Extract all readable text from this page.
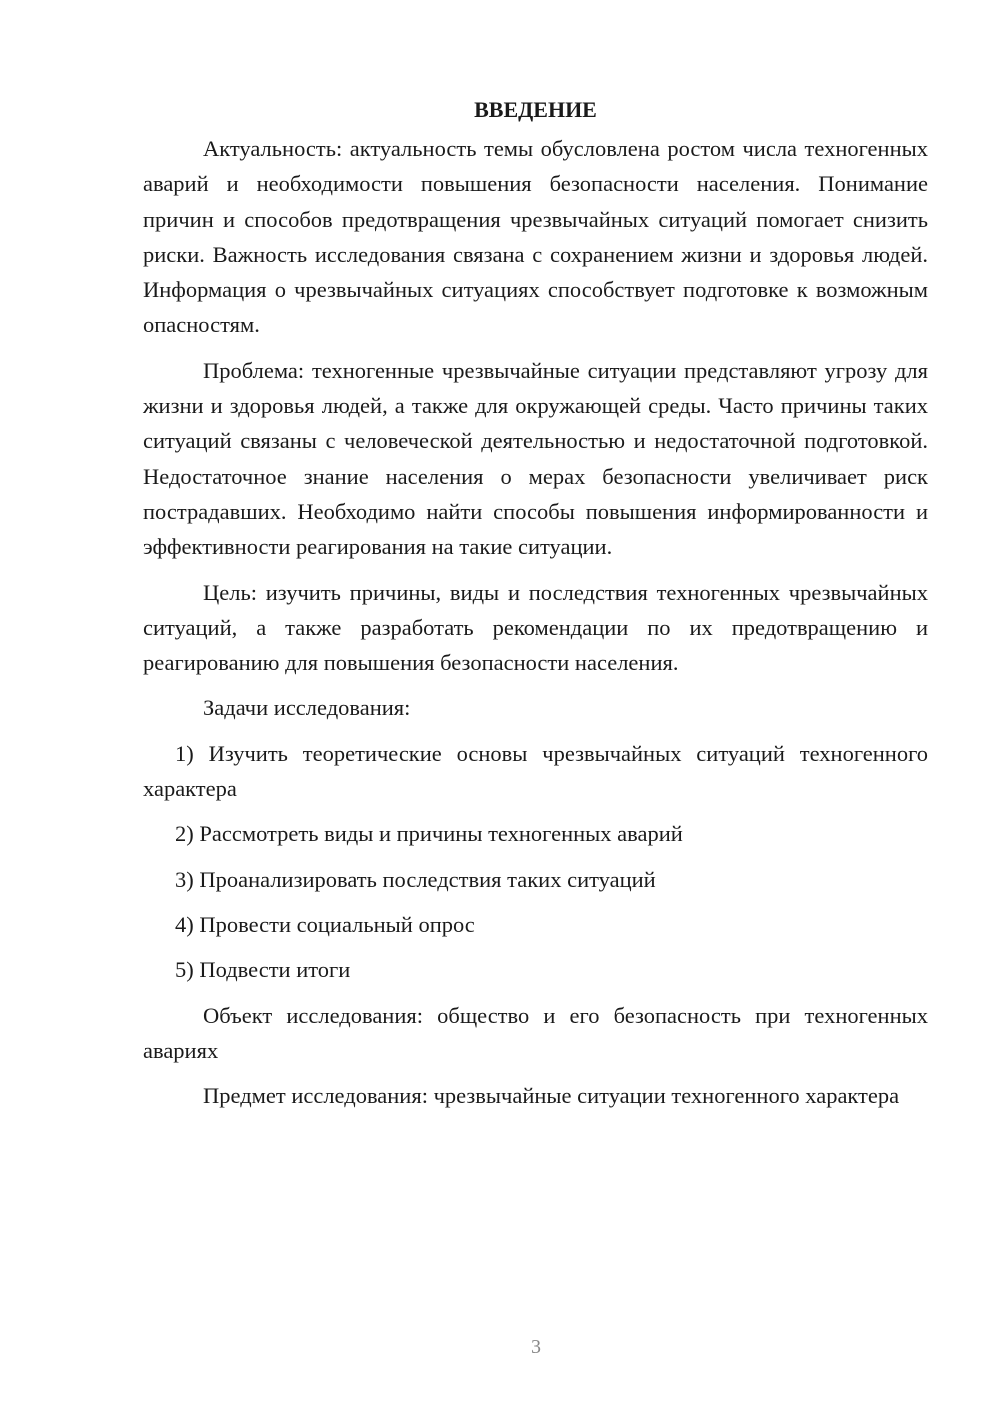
ВВЕДЕНИЕ

Актуальность: актуальность темы обусловлена ростом числа техногенных аварий и необходимости повышения безопасности населения. Понимание причин и способов предотвращения чрезвычайных ситуаций помогает снизить риски. Важность исследования связана с сохранением жизни и здоровья людей. Информация о чрезвычайных ситуациях способствует подготовке к возможным опасностям.

Проблема: техногенные чрезвычайные ситуации представляют угрозу для жизни и здоровья людей, а также для окружающей среды. Часто причины таких ситуаций связаны с человеческой деятельностью и недостаточной подготовкой. Недостаточное знание населения о мерах безопасности увеличивает риск пострадавших. Необходимо найти способы повышения информированности и эффективности реагирования на такие ситуации.

Цель: изучить причины, виды и последствия техногенных чрезвычайных ситуаций, а также разработать рекомендации по их предотвращению и реагированию для повышения безопасности населения.

Задачи исследования:

1) Изучить теоретические основы чрезвычайных ситуаций техногенного характера

2) Рассмотреть виды и причины техногенных аварий

3) Проанализировать последствия таких ситуаций

4) Провести социальный опрос

5) Подвести итоги

Объект исследования: общество и его безопасность при техногенных авариях

Предмет исследования: чрезвычайные ситуации техногенного характера

3
